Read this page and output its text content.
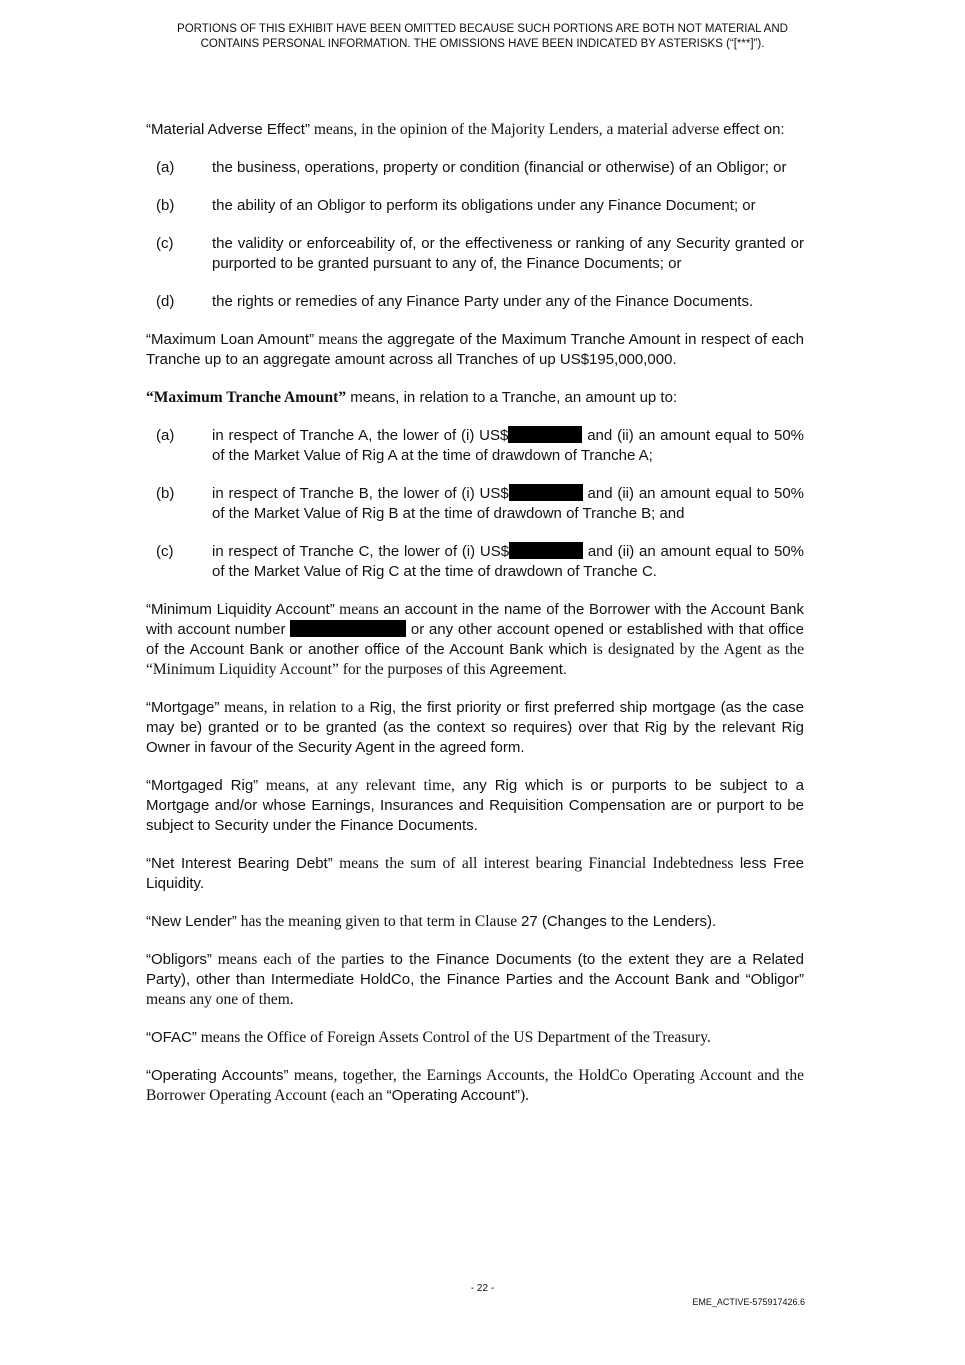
PORTIONS OF THIS EXHIBIT HAVE BEEN OMITTED BECAUSE SUCH PORTIONS ARE BOTH NOT MATERIAL AND
CONTAINS PERSONAL INFORMATION. THE OMISSIONS HAVE BEEN INDICATED BY ASTERISKS (“[***]”).

“Material Adverse Effect” means, in the opinion of the Majority Lenders, a material adverse effect on:

(a)	the business, operations, property or condition (financial or otherwise) of an Obligor; or
(b)	the ability of an Obligor to perform its obligations under any Finance Document; or
(c)	the validity or enforceability of, or the effectiveness or ranking of any Security granted or purported to be granted pursuant to any of, the Finance Documents; or
(d)	the rights or remedies of any Finance Party under any of the Finance Documents.

“Maximum Loan Amount” means the aggregate of the Maximum Tranche Amount in respect of each Tranche up to an aggregate amount across all Tranches of up US$195,000,000.

“Maximum Tranche Amount” means, in relation to a Tranche, an amount up to:

(a)	in respect of Tranche A, the lower of (i) US$	and (ii) an amount equal to 50% of the Market Value of Rig A at the time of drawdown of Tranche A;
(b)	in respect of Tranche B, the lower of (i) US$	and (ii) an amount equal to 50% of the Market Value of Rig B at the time of drawdown of Tranche B; and
(c)	in respect of Tranche C, the lower of (i) US$	and (ii) an amount equal to 50% of the Market Value of Rig C at the time of drawdown of Tranche C.

“Minimum Liquidity Account” means an account in the name of the Borrower with the Account Bank with account number	or any other account opened or established with that office of the Account Bank or another office of the Account Bank which is designated by the Agent as the “Minimum Liquidity Account” for the purposes of this Agreement.

“Mortgage” means, in relation to a Rig, the first priority or first preferred ship mortgage (as the case may be) granted or to be granted (as the context so requires) over that Rig by the relevant Rig Owner in favour of the Security Agent in the agreed form.

“Mortgaged Rig” means, at any relevant time, any Rig which is or purports to be subject to a Mortgage and/or whose Earnings, Insurances and Requisition Compensation are or purport to be subject to Security under the Finance Documents.

“Net Interest Bearing Debt” means the sum of all interest bearing Financial Indebtedness less Free Liquidity.

“New Lender” has the meaning given to that term in Clause 27 (Changes to the Lenders).

“Obligors” means each of the parties to the Finance Documents (to the extent they are a Related Party), other than Intermediate HoldCo, the Finance Parties and the Account Bank and “Obligor” means any one of them.

“OFAC” means the Office of Foreign Assets Control of the US Department of the Treasury.

“Operating Accounts” means, together, the Earnings Accounts, the HoldCo Operating Account and the Borrower Operating Account (each an “Operating Account”).

- 22 -
EME_ACTIVE-575917426.6
